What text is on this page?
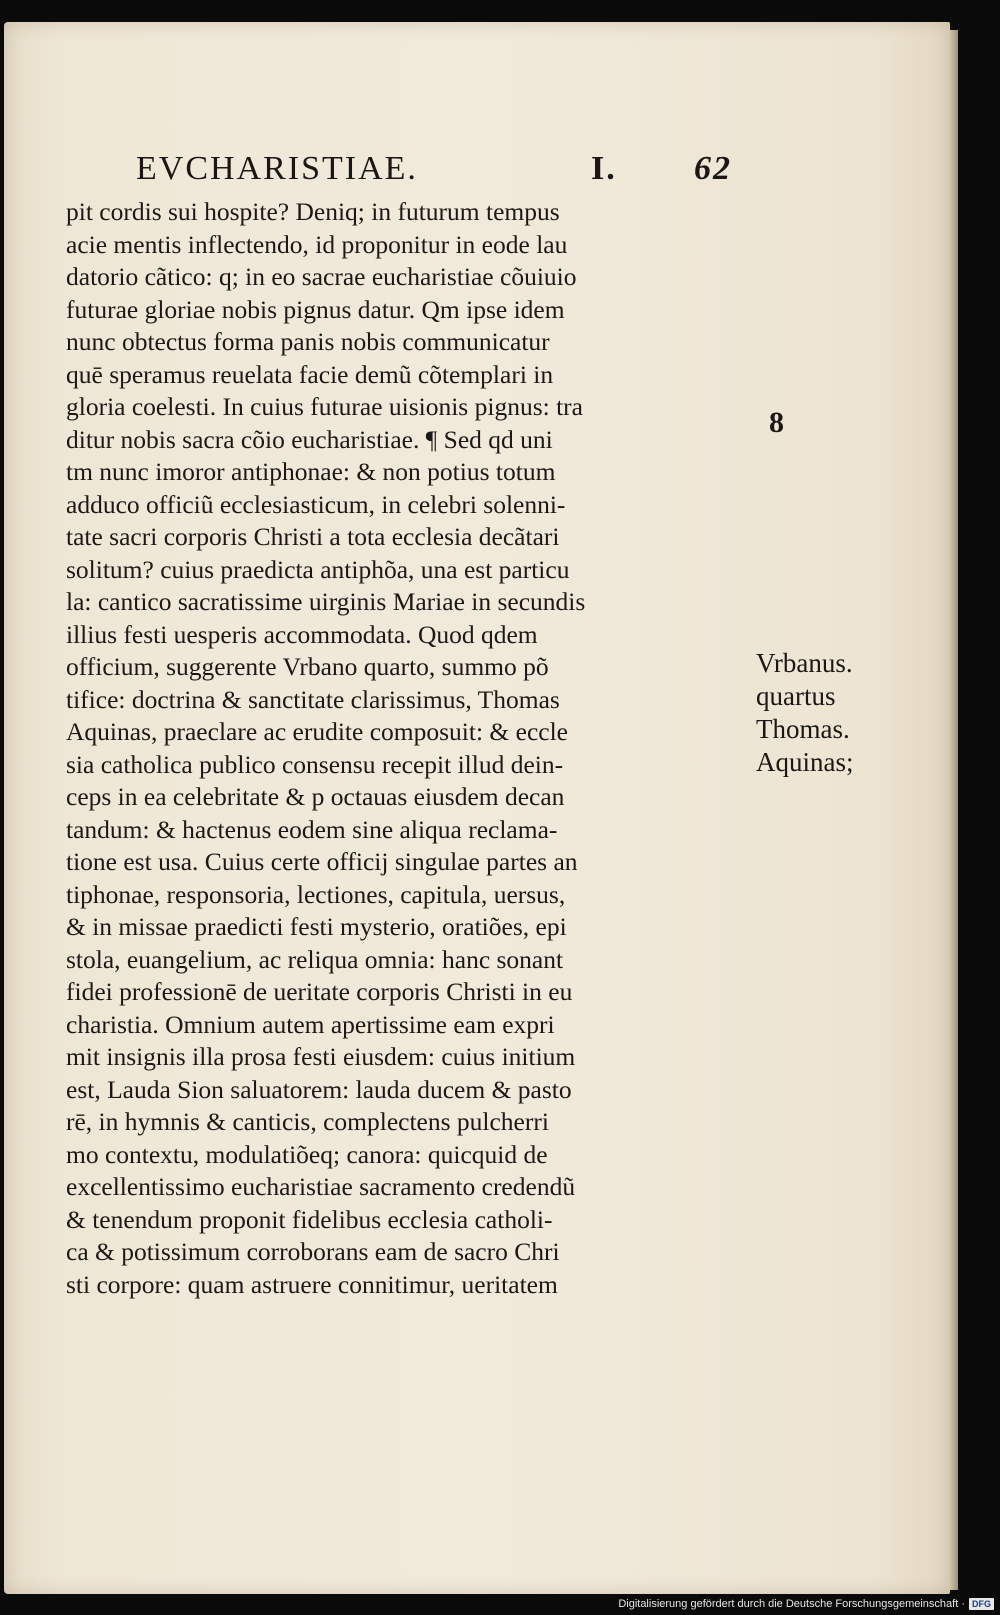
EVCHARISTIAE.	I. 62
pit cordis sui hospite? Deniq; in futurum tempus
acie mentis inflectendo, id proponitur in eode lau
datorio cãtico: q; in eo sacrae eucharistiae cõuiuio
futurae gloriae nobis pignus datur. Qm ipse idem
nunc obtectus forma panis nobis communicatur
quē speramus reuelata facie demũ cõtemplari in
gloria coelesti. In cuius futurae uisionis pignus: tra
ditur nobis sacra cõio eucharistiae. ¶ Sed qd uni
tm nunc imoror antiphonae: & non potius totum
adduco officiũ ecclesiasticum, in celebri solenni-
tate sacri corporis Christi a tota ecclesia decãtari
solitum? cuius praedicta antiphõa, una est particu
la: cantico sacratissime uirginis Mariae in secundis
illius festi uesperis accommodata. Quod qdem
officium, suggerente Vrbano quarto, summo põ
tifice: doctrina & sanctitate clarissimus, Thomas
Aquinas, praeclare ac erudite composuit: & eccle
sia catholica publico consensu recepit illud dein-
ceps in ea celebritate & p octauas eiusdem decan
tandum: & hactenus eodem sine aliqua reclama-
tione est usa. Cuius certe officij singulae partes an
tiphonae, responsoria, lectiones, capitula, uersus,
& in missae praedicti festi mysterio, oratiões, epi
stola, euangelium, ac reliqua omnia: hanc sonant
fidei professionē de ueritate corporis Christi in eu
charistia. Omnium autem apertissime eam expri
mit insignis illa prosa festi eiusdem: cuius initium
est, Lauda Sion saluatorem: lauda ducem & pasto
rē, in hymnis & canticis, complectens pulcherri
mo contextu, modulatiõeq; canora: quicquid de
excellentissimo eucharistiae sacramento credendũ
& tenendum proponit fidelibus ecclesia catholi-
ca & potissimum corroborans eam de sacro Chri
sti corpore: quam astruere connitimur, ueritatem
8
Vrbanus.
quartus
Thomas.
Aquinas;
Digitalisierung gefördert durch die Deutsche Forschungsgemeinschaft · DFG
